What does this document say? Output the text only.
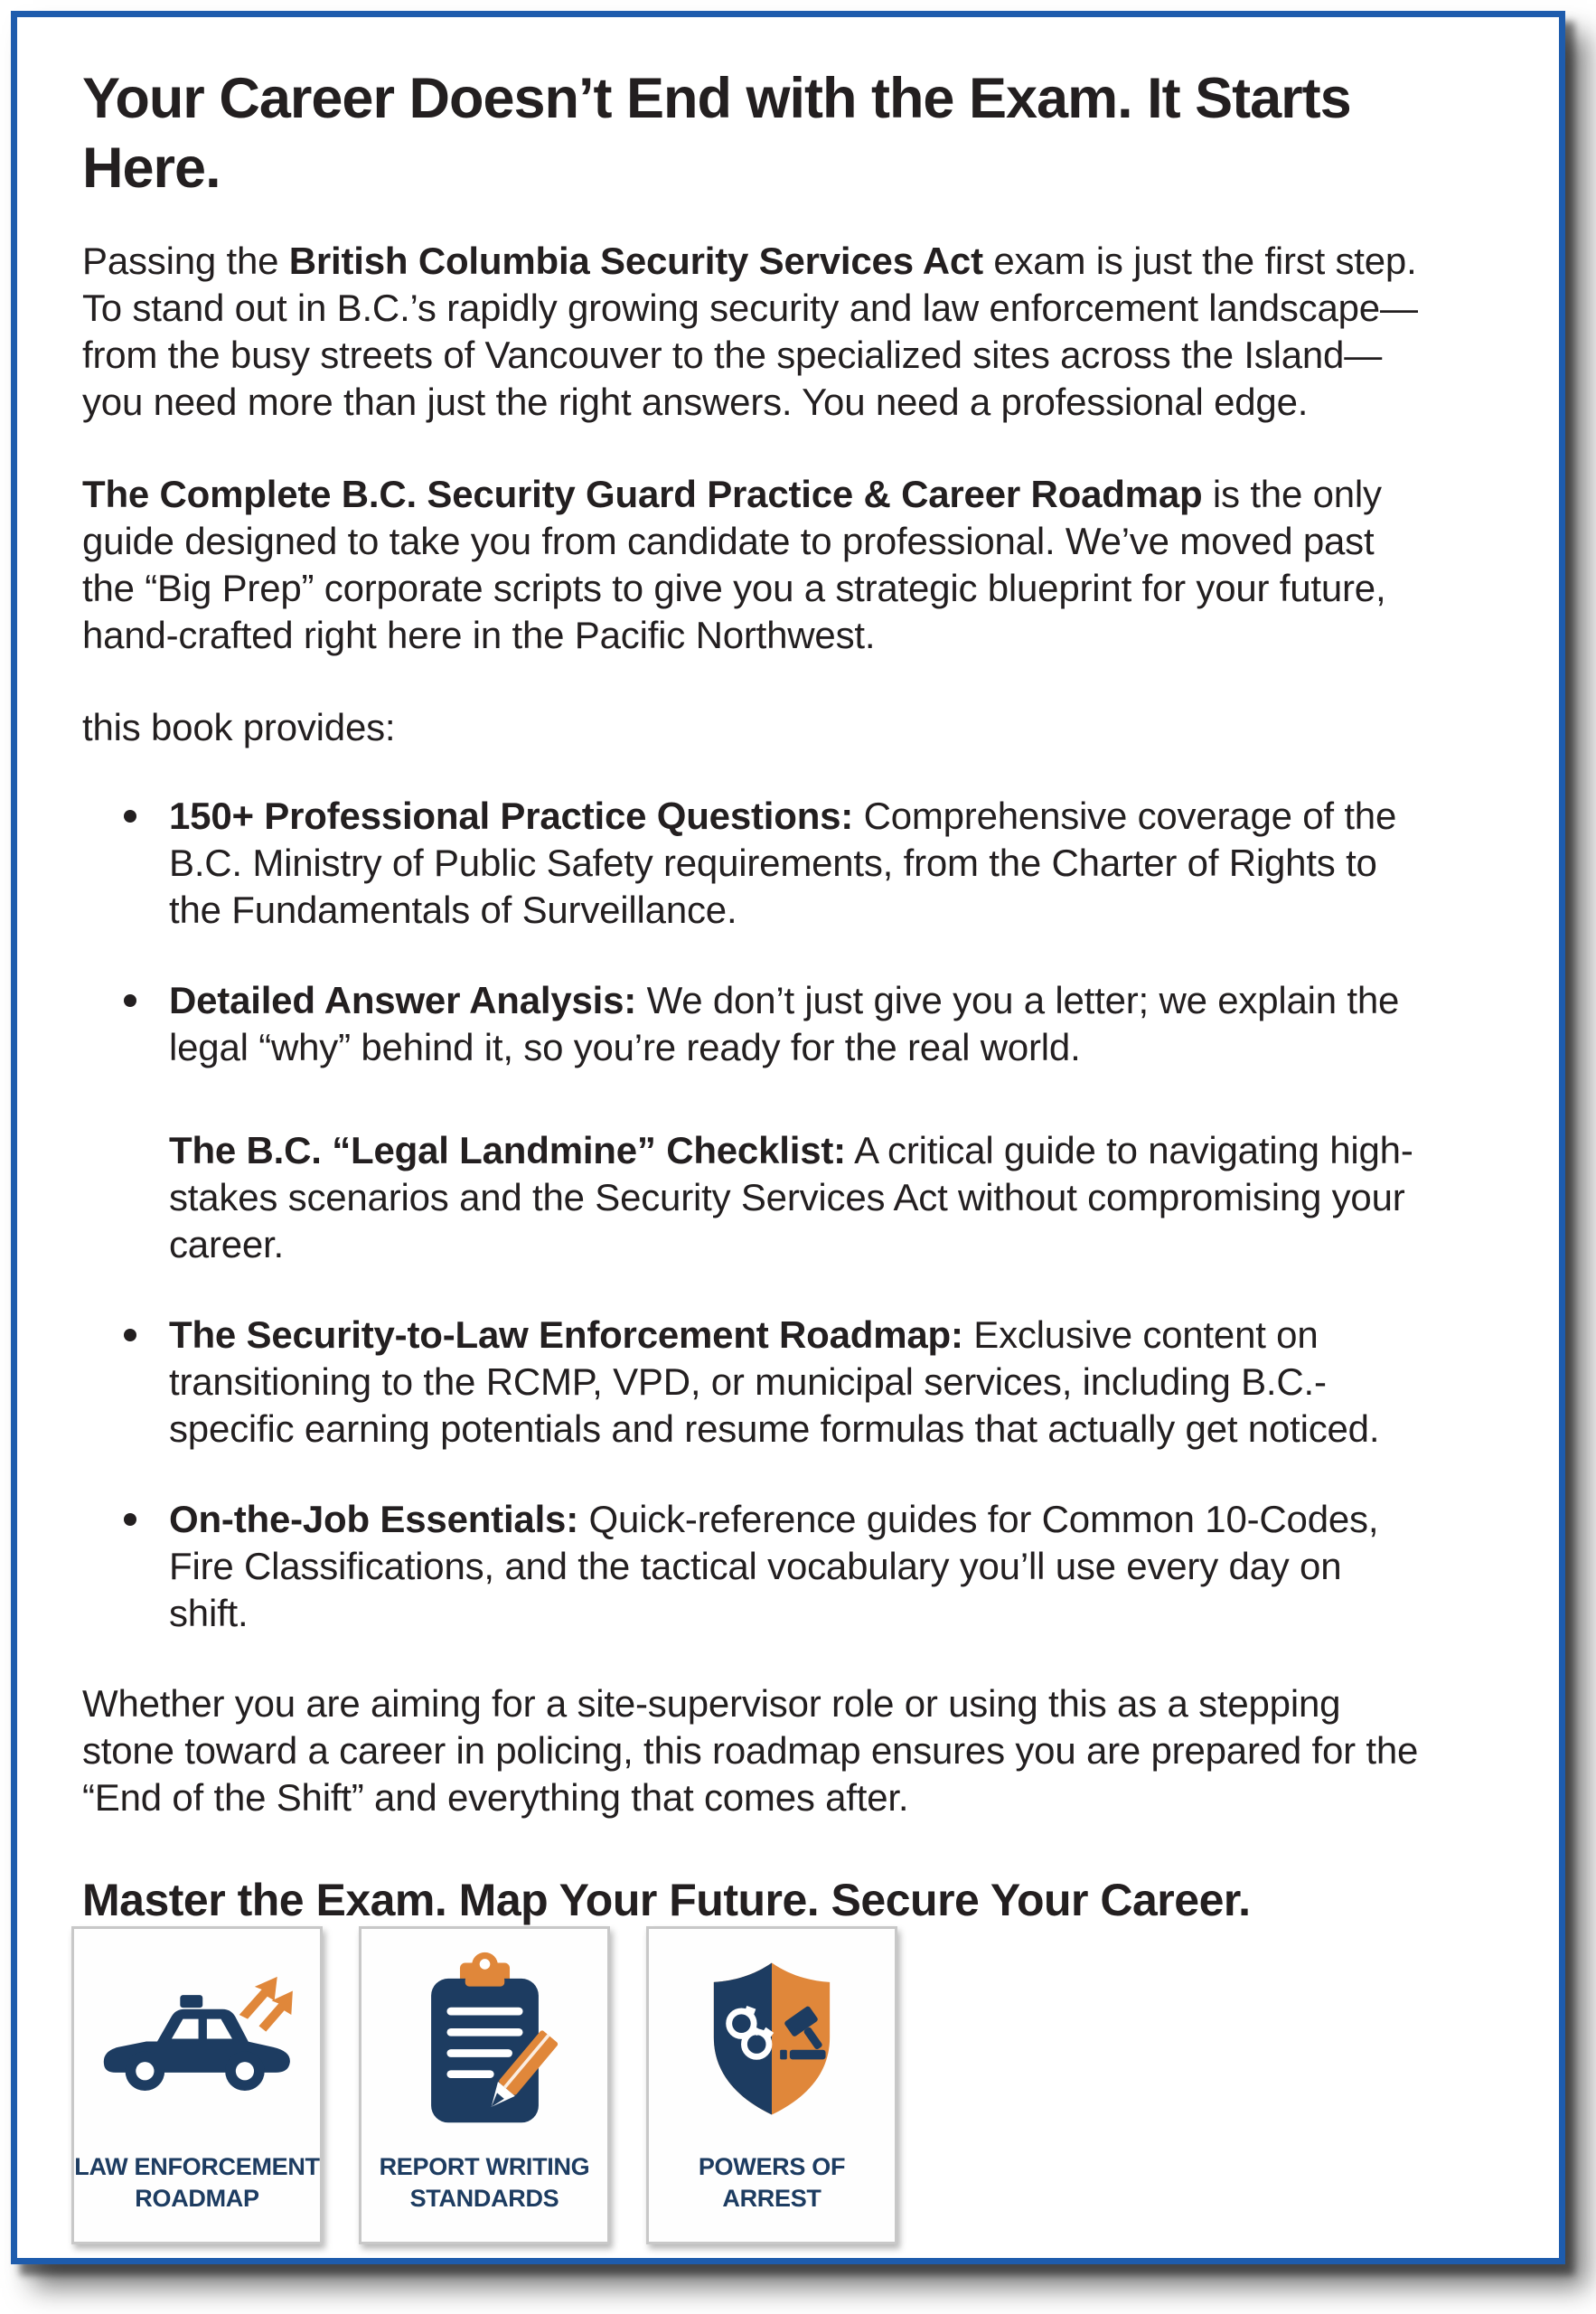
Your Career Doesn’t End with the Exam. It Starts Here.

Passing the British Columbia Security Services Act exam is just the first step. To stand out in B.C.’s rapidly growing security and law enforcement landscape—from the busy streets of Vancouver to the specialized sites across the Island—you need more than just the right answers. You need a professional edge.

The Complete B.C. Security Guard Practice & Career Roadmap is the only guide designed to take you from candidate to professional. We’ve moved past the “Big Prep” corporate scripts to give you a strategic blueprint for your future, hand-crafted right here in the Pacific Northwest.

this book provides:

150+ Professional Practice Questions: Comprehensive coverage of the B.C. Ministry of Public Safety requirements, from the Charter of Rights to the Fundamentals of Surveillance.
Detailed Answer Analysis: We don’t just give you a letter; we explain the legal “why” behind it, so you’re ready for the real world.
The B.C. “Legal Landmine” Checklist: A critical guide to navigating high-stakes scenarios and the Security Services Act without compromising your career.
The Security-to-Law Enforcement Roadmap: Exclusive content on transitioning to the RCMP, VPD, or municipal services, including B.C.-specific earning potentials and resume formulas that actually get noticed.
On-the-Job Essentials: Quick-reference guides for Common 10-Codes, Fire Classifications, and the tactical vocabulary you’ll use every day on shift.

Whether you are aiming for a site-supervisor role or using this as a stepping stone toward a career in policing, this roadmap ensures you are prepared for the “End of the Shift” and everything that comes after.

Master the Exam. Map Your Future. Secure Your Career.

LAW ENFORCEMENT
ROADMAP
REPORT WRITING
STANDARDS
POWERS OF
ARREST
